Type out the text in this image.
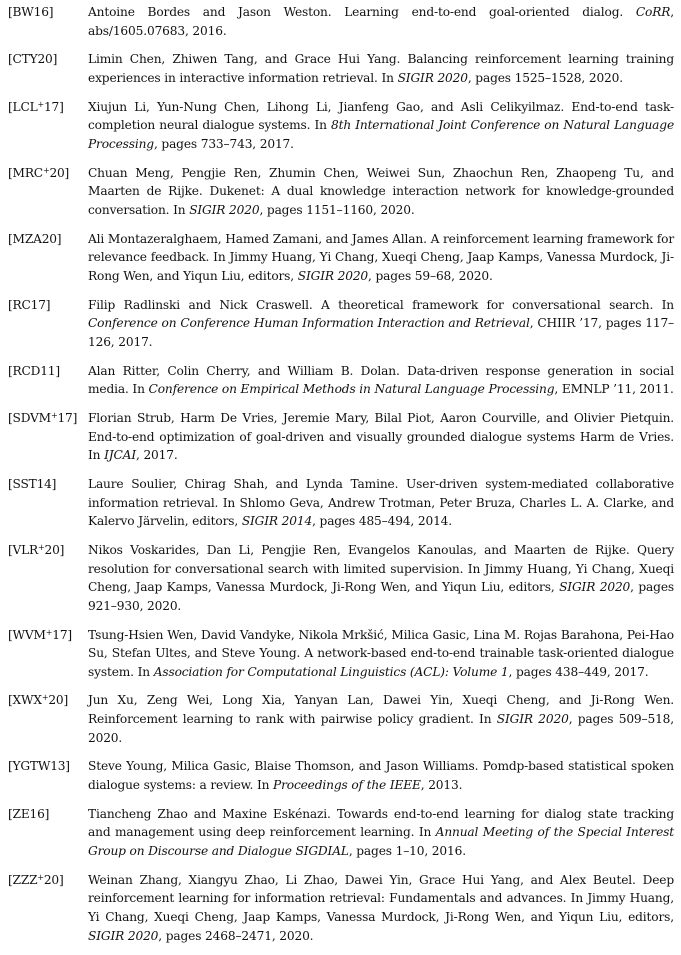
[BW16]	Antoine Bordes and Jason Weston. Learning end-to-end goal-oriented dialog. CoRR, abs/1605.07683, 2016.
[CTY20]	Limin Chen, Zhiwen Tang, and Grace Hui Yang. Balancing reinforcement learning training experiences in interactive information retrieval. In SIGIR 2020, pages 1525–1528, 2020.
[LCL+17]	Xiujun Li, Yun-Nung Chen, Lihong Li, Jianfeng Gao, and Asli Celikyilmaz. End-to-end task-completion neural dialogue systems. In 8th International Joint Conference on Natural Language Processing, pages 733–743, 2017.
[MRC+20]	Chuan Meng, Pengjie Ren, Zhumin Chen, Weiwei Sun, Zhaochun Ren, Zhaopeng Tu, and Maarten de Rijke. Dukenet: A dual knowledge interaction network for knowledge-grounded conversation. In SIGIR 2020, pages 1151–1160, 2020.
[MZA20]	Ali Montazeralghaem, Hamed Zamani, and James Allan. A reinforcement learning framework for relevance feedback. In Jimmy Huang, Yi Chang, Xueqi Cheng, Jaap Kamps, Vanessa Murdock, Ji-Rong Wen, and Yiqun Liu, editors, SIGIR 2020, pages 59–68, 2020.
[RC17]	Filip Radlinski and Nick Craswell. A theoretical framework for conversational search. In Conference on Conference Human Information Interaction and Retrieval, CHIIR ’17, pages 117–126, 2017.
[RCD11]	Alan Ritter, Colin Cherry, and William B. Dolan. Data-driven response generation in social media. In Conference on Empirical Methods in Natural Language Processing, EMNLP ’11, 2011.
[SDVM+17] Florian Strub, Harm De Vries, Jeremie Mary, Bilal Piot, Aaron Courville, and Olivier Pietquin. End-to-end optimization of goal-driven and visually grounded dialogue systems Harm de Vries. In IJCAI, 2017.
[SST14]	Laure Soulier, Chirag Shah, and Lynda Tamine. User-driven system-mediated collaborative information retrieval. In Shlomo Geva, Andrew Trotman, Peter Bruza, Charles L. A. Clarke, and Kalervo Järvelin, editors, SIGIR 2014, pages 485–494, 2014.
[VLR+20]	Nikos Voskarides, Dan Li, Pengjie Ren, Evangelos Kanoulas, and Maarten de Rijke. Query resolution for conversational search with limited supervision. In Jimmy Huang, Yi Chang, Xueqi Cheng, Jaap Kamps, Vanessa Murdock, Ji-Rong Wen, and Yiqun Liu, editors, SIGIR 2020, pages 921–930, 2020.
[WVM+17]	Tsung-Hsien Wen, David Vandyke, Nikola Mrkšić, Milica Gasic, Lina M. Rojas Barahona, Pei-Hao Su, Stefan Ultes, and Steve Young. A network-based end-to-end trainable task-oriented dialogue system. In Association for Computational Linguistics (ACL): Volume 1, pages 438–449, 2017.
[XWX+20]	Jun Xu, Zeng Wei, Long Xia, Yanyan Lan, Dawei Yin, Xueqi Cheng, and Ji-Rong Wen. Reinforcement learning to rank with pairwise policy gradient. In SIGIR 2020, pages 509–518, 2020.
[YGTW13]	Steve Young, Milica Gasic, Blaise Thomson, and Jason Williams. Pomdp-based statistical spoken dialogue systems: a review. In Proceedings of the IEEE, 2013.
[ZE16]	Tiancheng Zhao and Maxine Eskénazi. Towards end-to-end learning for dialog state tracking and management using deep reinforcement learning. In Annual Meeting of the Special Interest Group on Discourse and Dialogue SIGDIAL, pages 1–10, 2016.
[ZZZ+20]	Weinan Zhang, Xiangyu Zhao, Li Zhao, Dawei Yin, Grace Hui Yang, and Alex Beutel. Deep reinforcement learning for information retrieval: Fundamentals and advances. In Jimmy Huang, Yi Chang, Xueqi Cheng, Jaap Kamps, Vanessa Murdock, Ji-Rong Wen, and Yiqun Liu, editors, SIGIR 2020, pages 2468–2471, 2020.
